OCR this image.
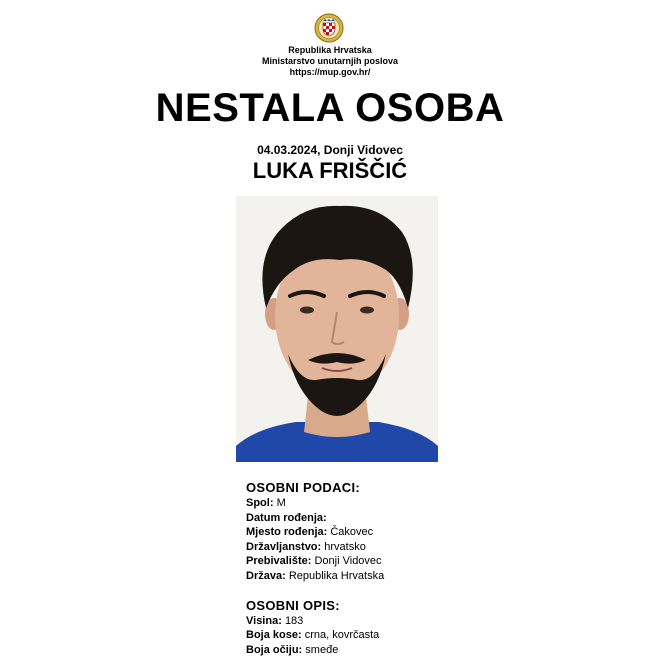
Republika Hrvatska
Ministarstvo unutarnjih poslova
https://mup.gov.hr/
NESTALA OSOBA
04.03.2024, Donji Vidovec
LUKA FRIŠČIĆ
OSOBNI PODACI:
Spol: M
Datum rođenja:
Mjesto rođenja: Čakovec
Državljanstvo: hrvatsko
Prebivalište: Donji Vidovec
Država: Republika Hrvatska
OSOBNI OPIS:
Visina: 183
Boja kose: crna, kovrčasta
Boja očiju: smeđe
